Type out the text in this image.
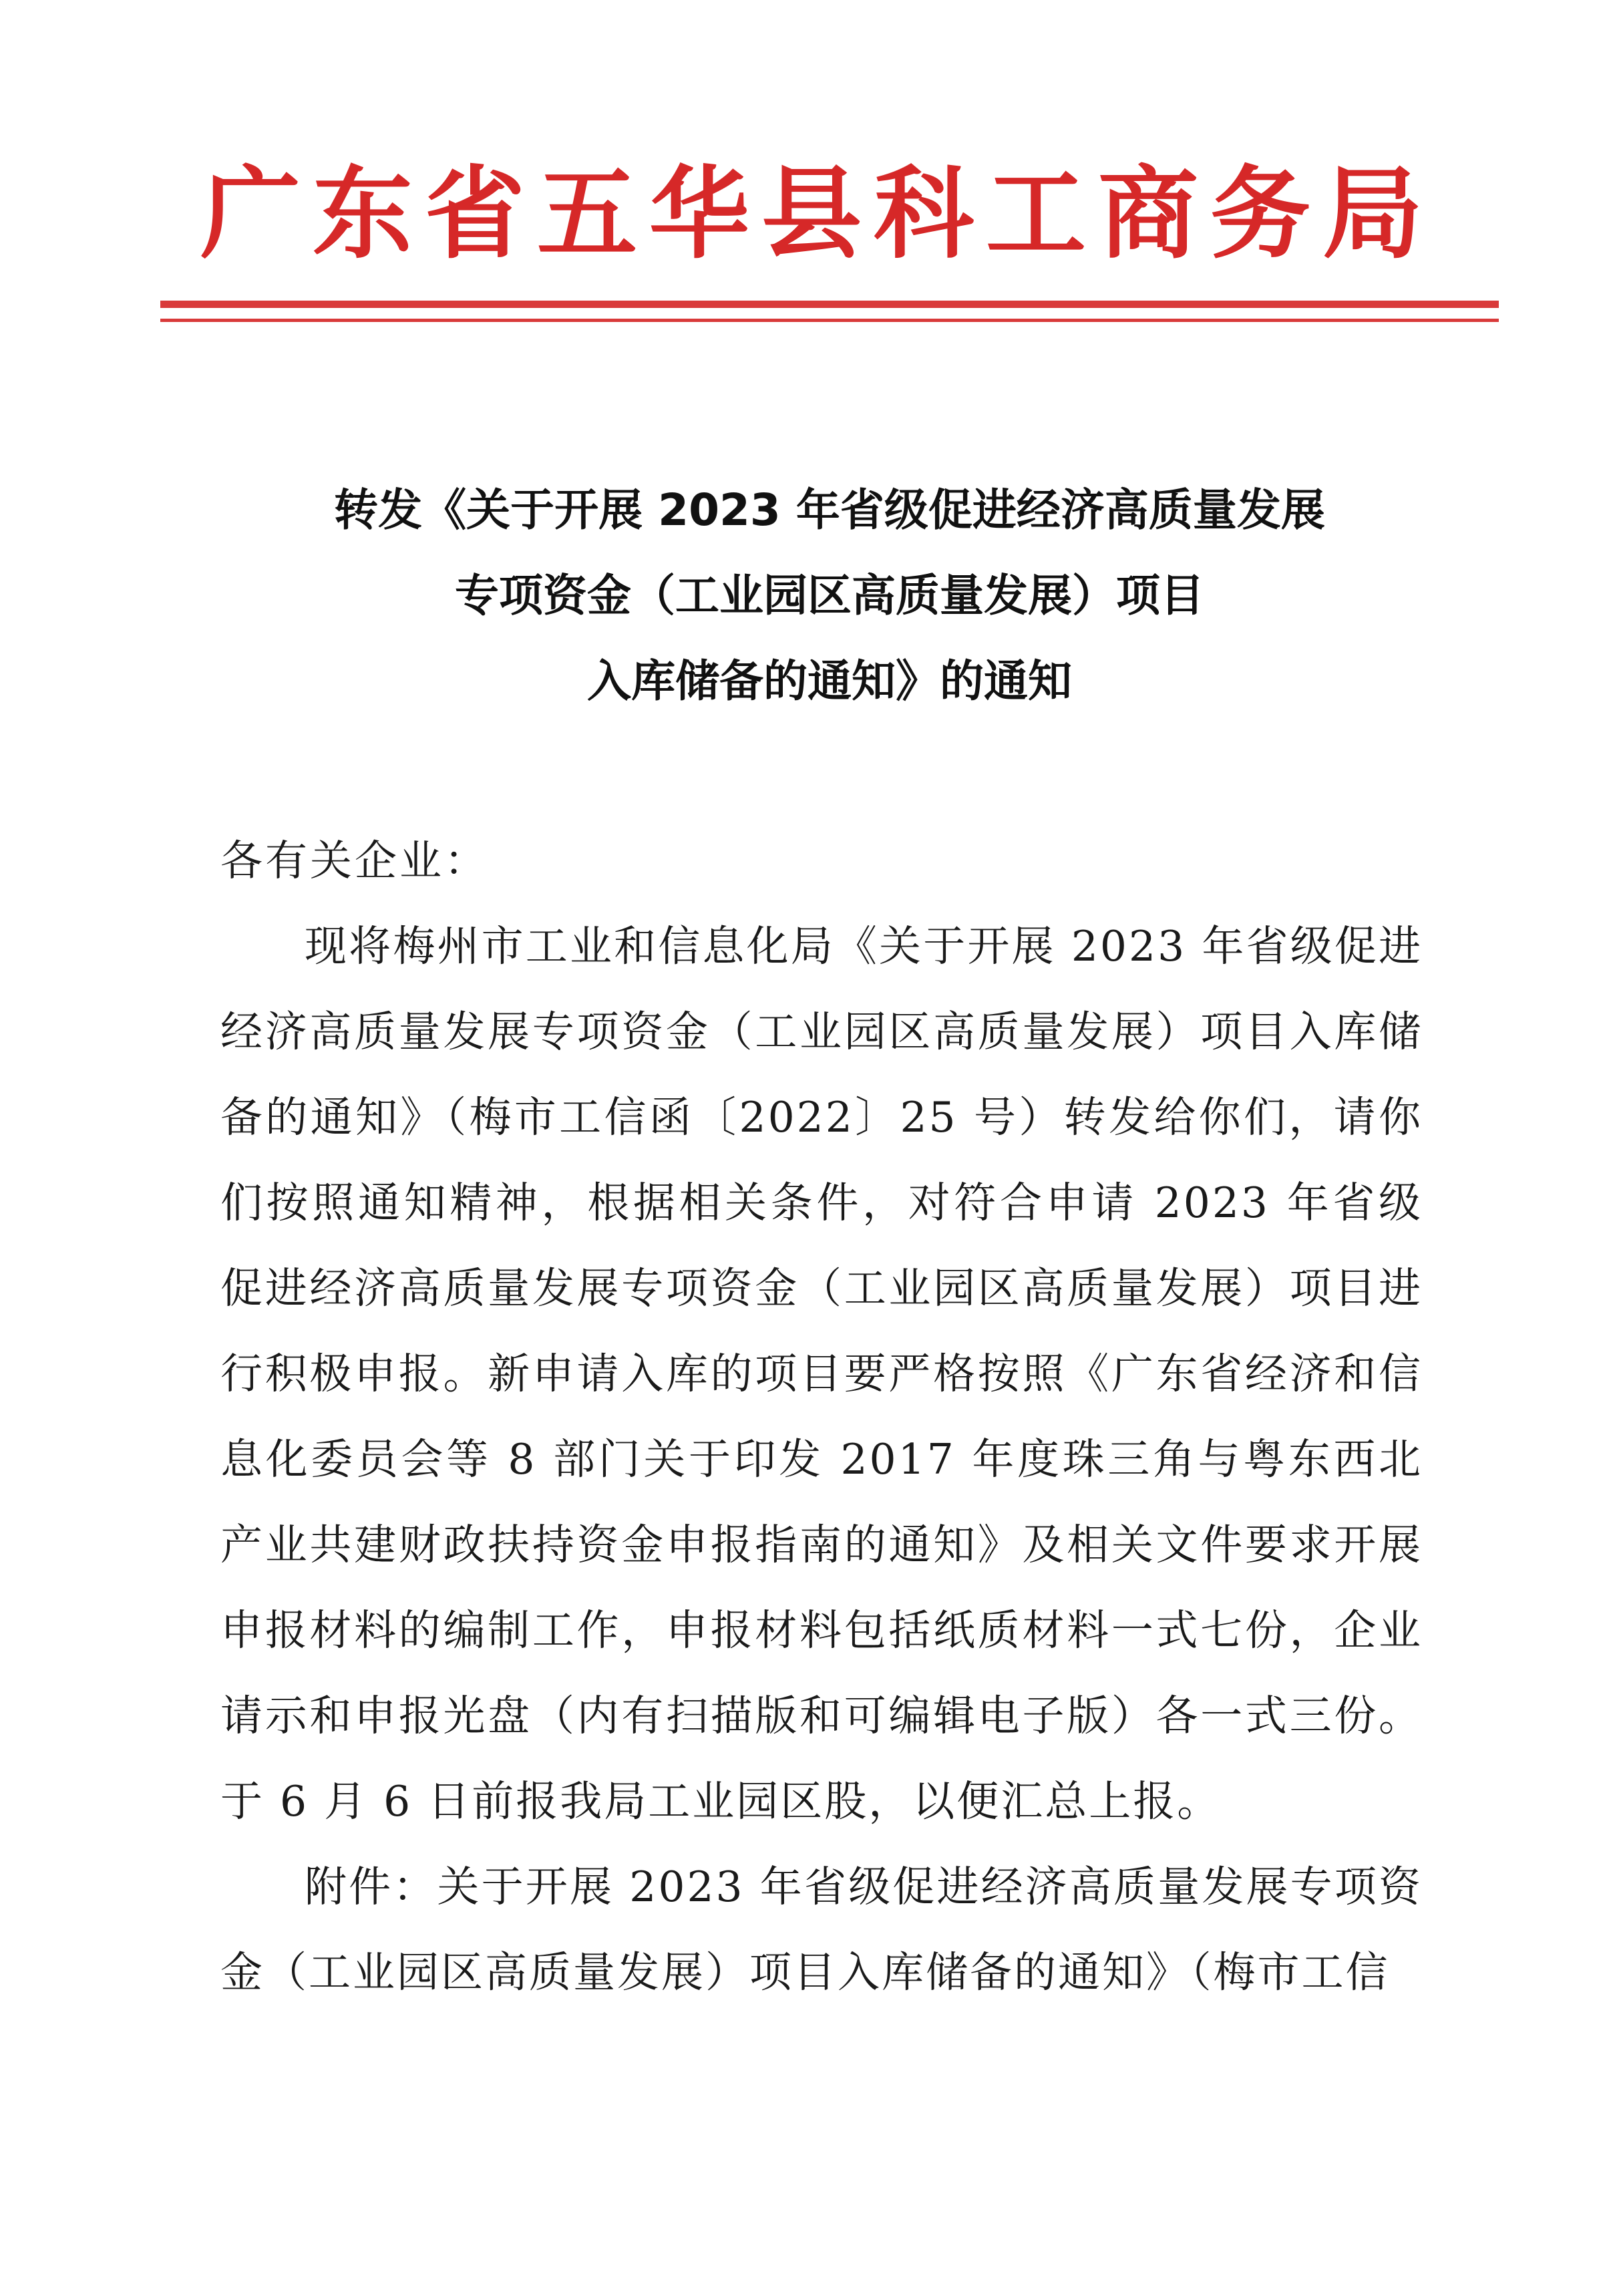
广东省五华县科工商务局
转发《关于开展 2023 年省级促进经济高质量发展
专项资金（工业园区高质量发展）项目
入库储备的通知》的通知
各有关企业：

现将梅州市工业和信息化局《关于开展 2023 年省级促进经济高质量发展专项资金（工业园区高质量发展）项目入库储备的通知》（梅市工信函〔2022〕25 号）转发给你们，请你们按照通知精神，根据相关条件，对符合申请 2023 年省级促进经济高质量发展专项资金（工业园区高质量发展）项目进行积极申报。新申请入库的项目要严格按照《广东省经济和信息化委员会等 8 部门关于印发 2017 年度珠三角与粤东西北产业共建财政扶持资金申报指南的通知》及相关文件要求开展申报材料的编制工作，申报材料包括纸质材料一式七份，企业请示和申报光盘（内有扫描版和可编辑电子版）各一式三份。于 6 月 6 日前报我局工业园区股，以便汇总上报。

附件：关于开展 2023 年省级促进经济高质量发展专项资金（工业园区高质量发展）项目入库储备的通知》（梅市工信
